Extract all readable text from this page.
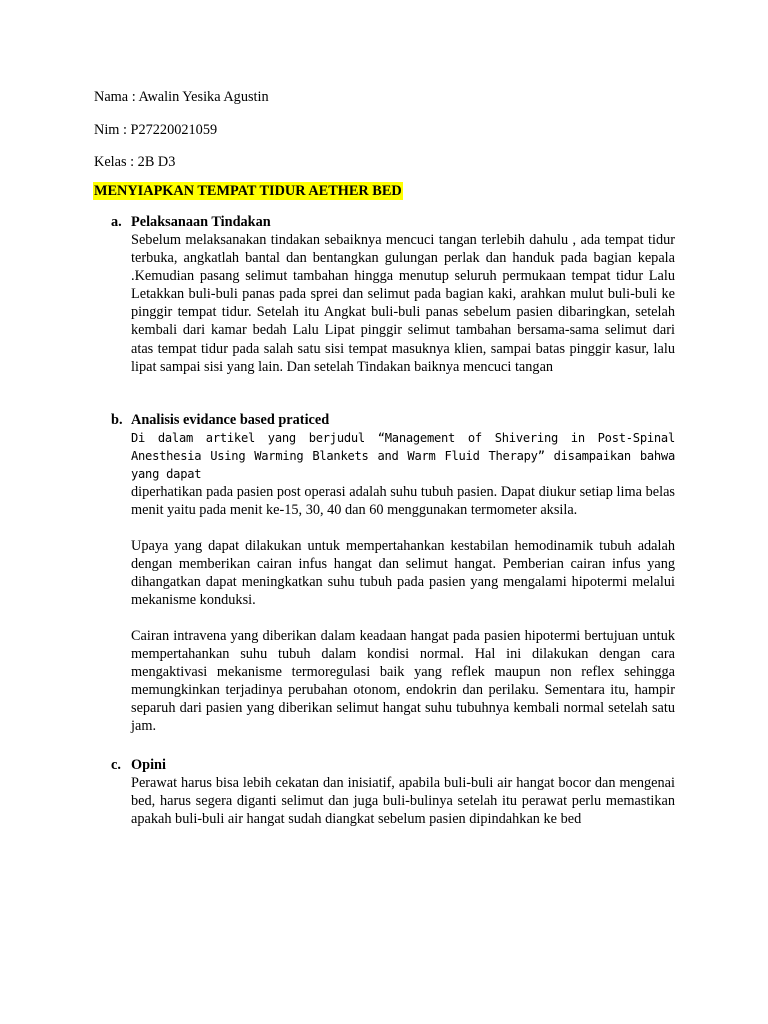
Nama : Awalin Yesika Agustin
Nim : P27220021059
Kelas : 2B D3
MENYIAPKAN TEMPAT TIDUR AETHER BED
a. Pelaksanaan Tindakan

Sebelum melaksanakan tindakan sebaiknya mencuci tangan terlebih dahulu , ada tempat tidur terbuka, angkatlah bantal dan bentangkan gulungan perlak dan handuk pada bagian kepala .Kemudian pasang selimut tambahan hingga menutup seluruh permukaan tempat tidur Lalu Letakkan buli-buli panas pada sprei dan selimut pada bagian kaki, arahkan mulut buli-buli ke pinggir tempat tidur. Setelah itu Angkat buli-buli panas sebelum pasien dibaringkan, setelah kembali dari kamar bedah Lalu Lipat pinggir selimut tambahan bersama-sama selimut dari atas tempat tidur pada salah satu sisi tempat masuknya klien, sampai batas pinggir kasur, lalu lipat sampai sisi yang lain. Dan setelah Tindakan baiknya mencuci tangan

b. Analisis evidance based praticed

Di dalam artikel yang berjudul “Management of Shivering in Post-Spinal Anesthesia Using Warming Blankets and Warm Fluid Therapy” disampaikan bahwa yang dapat

diperhatikan pada pasien post operasi adalah suhu tubuh pasien. Dapat diukur setiap lima belas menit yaitu pada menit ke-15, 30, 40 dan 60 menggunakan termometer aksila.

Upaya yang dapat dilakukan untuk mempertahankan kestabilan hemodinamik tubuh adalah dengan memberikan cairan infus hangat dan selimut hangat. Pemberian cairan infus yang dihangatkan dapat meningkatkan suhu tubuh pada pasien yang mengalami hipotermi melalui mekanisme konduksi.

Cairan intravena yang diberikan dalam keadaan hangat pada pasien hipotermi bertujuan untuk mempertahankan suhu tubuh dalam kondisi normal. Hal ini dilakukan dengan cara mengaktivasi mekanisme termoregulasi baik yang reflek maupun non reflex sehingga memungkinkan terjadinya perubahan otonom, endokrin dan perilaku. Sementara itu, hampir separuh dari pasien yang diberikan selimut hangat suhu tubuhnya kembali normal setelah satu jam.

c. Opini

Perawat harus bisa lebih cekatan dan inisiatif, apabila buli-buli air hangat bocor dan mengenai bed, harus segera diganti selimut dan juga buli-bulinya setelah itu perawat perlu memastikan apakah buli-buli air hangat sudah diangkat sebelum pasien dipindahkan ke bed
